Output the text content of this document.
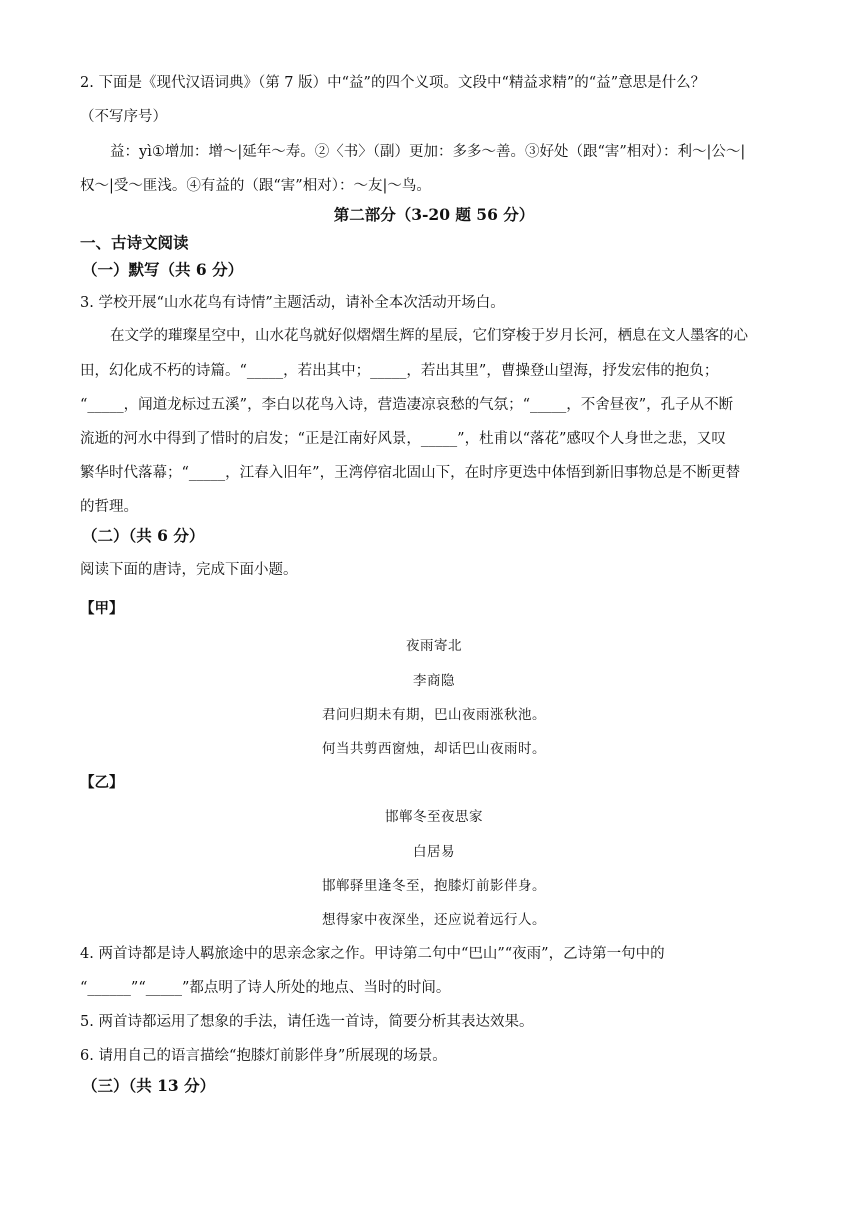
2. 下面是《现代汉语词典》（第 7 版）中“益”的四个义项。文段中“精益求精”的“益”意思是什么？
（不写序号）
益：yì①增加：增～|延年～寿。②〈书〉（副）更加：多多～善。③好处（跟“害”相对）：利～|公～|
权～|受～匪浅。④有益的（跟“害”相对）：～友|～鸟。
第二部分（3-20 题 56 分）
一、古诗文阅读
（一）默写（共 6 分）
3. 学校开展“山水花鸟有诗情”主题活动，请补全本次活动开场白。
在文学的璀璨星空中，山水花鸟就好似熠熠生辉的星辰，它们穿梭于岁月长河，栖息在文人墨客的心
田，幻化成不朽的诗篇。“_____，若出其中；_____，若出其里”，曹操登山望海，抒发宏伟的抱负；
“_____，闻道龙标过五溪”，李白以花鸟入诗，营造凄凉哀愁的气氛；“_____，不舍昼夜”，孔子从不断
流逝的河水中得到了惜时的启发；“正是江南好风景，_____”，杜甫以“落花”感叹个人身世之悲，又叹
繁华时代落幕；“_____，江春入旧年”，王湾停宿北固山下，在时序更迭中体悟到新旧事物总是不断更替
的哲理。
（二）（共 6 分）
阅读下面的唐诗，完成下面小题。
【甲】
夜雨寄北
李商隐
君问归期未有期，巴山夜雨涨秋池。
何当共剪西窗烛，却话巴山夜雨时。
【乙】
邯郸冬至夜思家
白居易
邯郸驿里逢冬至，抱膝灯前影伴身。
想得家中夜深坐，还应说着远行人。
4. 两首诗都是诗人羁旅途中的思亲念家之作。甲诗第二句中“巴山”“夜雨”，乙诗第一句中的
“______”“_____”都点明了诗人所处的地点、当时的时间。
5. 两首诗都运用了想象的手法，请任选一首诗，简要分析其表达效果。
6. 请用自己的语言描绘“抱膝灯前影伴身”所展现的场景。
（三）（共 13 分）
